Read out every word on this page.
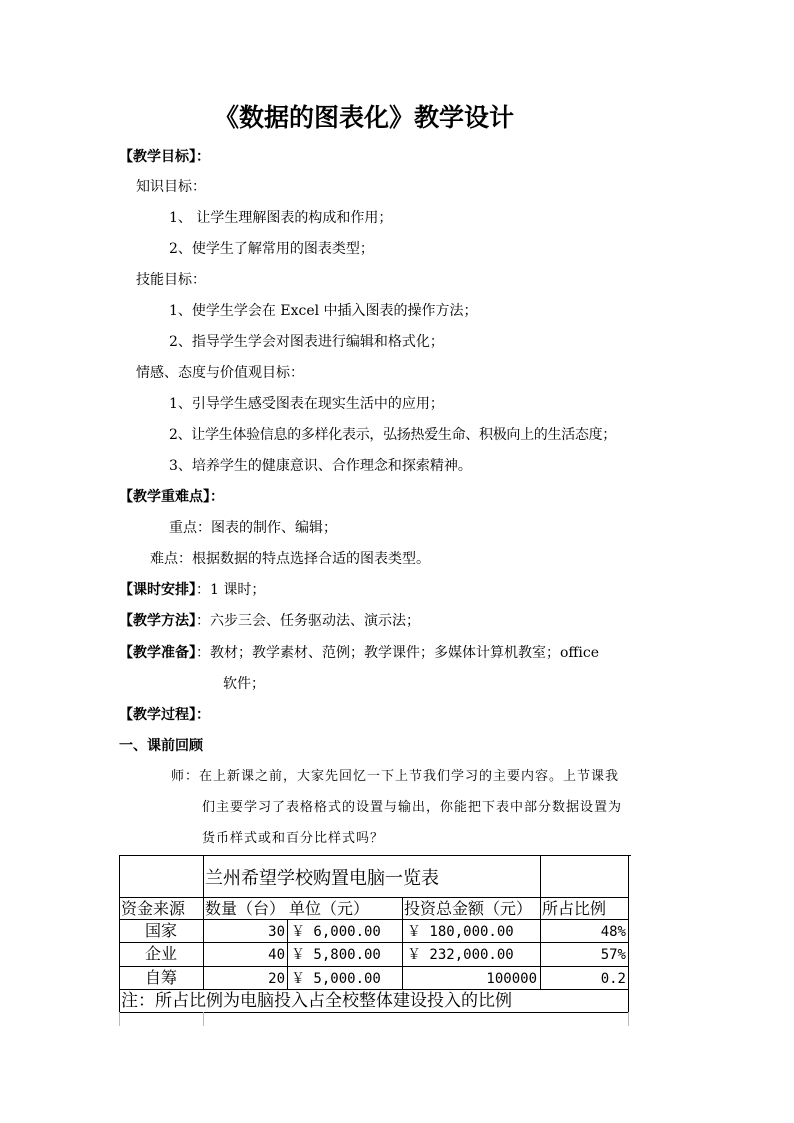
《数据的图表化》教学设计
【教学目标】：
知识目标：
1、 让学生理解图表的构成和作用；
2、使学生了解常用的图表类型；
技能目标：
1、使学生学会在 Excel 中插入图表的操作方法；
2、指导学生学会对图表进行编辑和格式化；
情感、态度与价值观目标：
1、引导学生感受图表在现实生活中的应用；
2、让学生体验信息的多样化表示，弘扬热爱生命、积极向上的生活态度；
3、培养学生的健康意识、合作理念和探索精神。
【教学重难点】：
重点：图表的制作、编辑；
难点：根据数据的特点选择合适的图表类型。
【课时安排】：1 课时；
【教学方法】：六步三会、任务驱动法、演示法；
【教学准备】：教材；教学素材、范例；教学课件；多媒体计算机教室；office
软件；
【教学过程】：
一、课前回顾
师：在上新课之前，大家先回忆一下上节我们学习的主要内容。上节课我
们主要学习了表格格式的设置与输出，你能把下表中部分数据设置为
货币样式或和百分比样式吗？
兰州希望学校购置电脑一览表
资金来源	数量（台） 单位（元）	投资总金额（元） 所占比例
国家	30 ￥ 6,000.00	￥ 180,000.00	48%
企业	40 ￥ 5,800.00	￥ 232,000.00	57%
自筹	20 ￥ 5,000.00	100000	0.2
注：所占比例为电脑投入占全校整体建设投入的比例
